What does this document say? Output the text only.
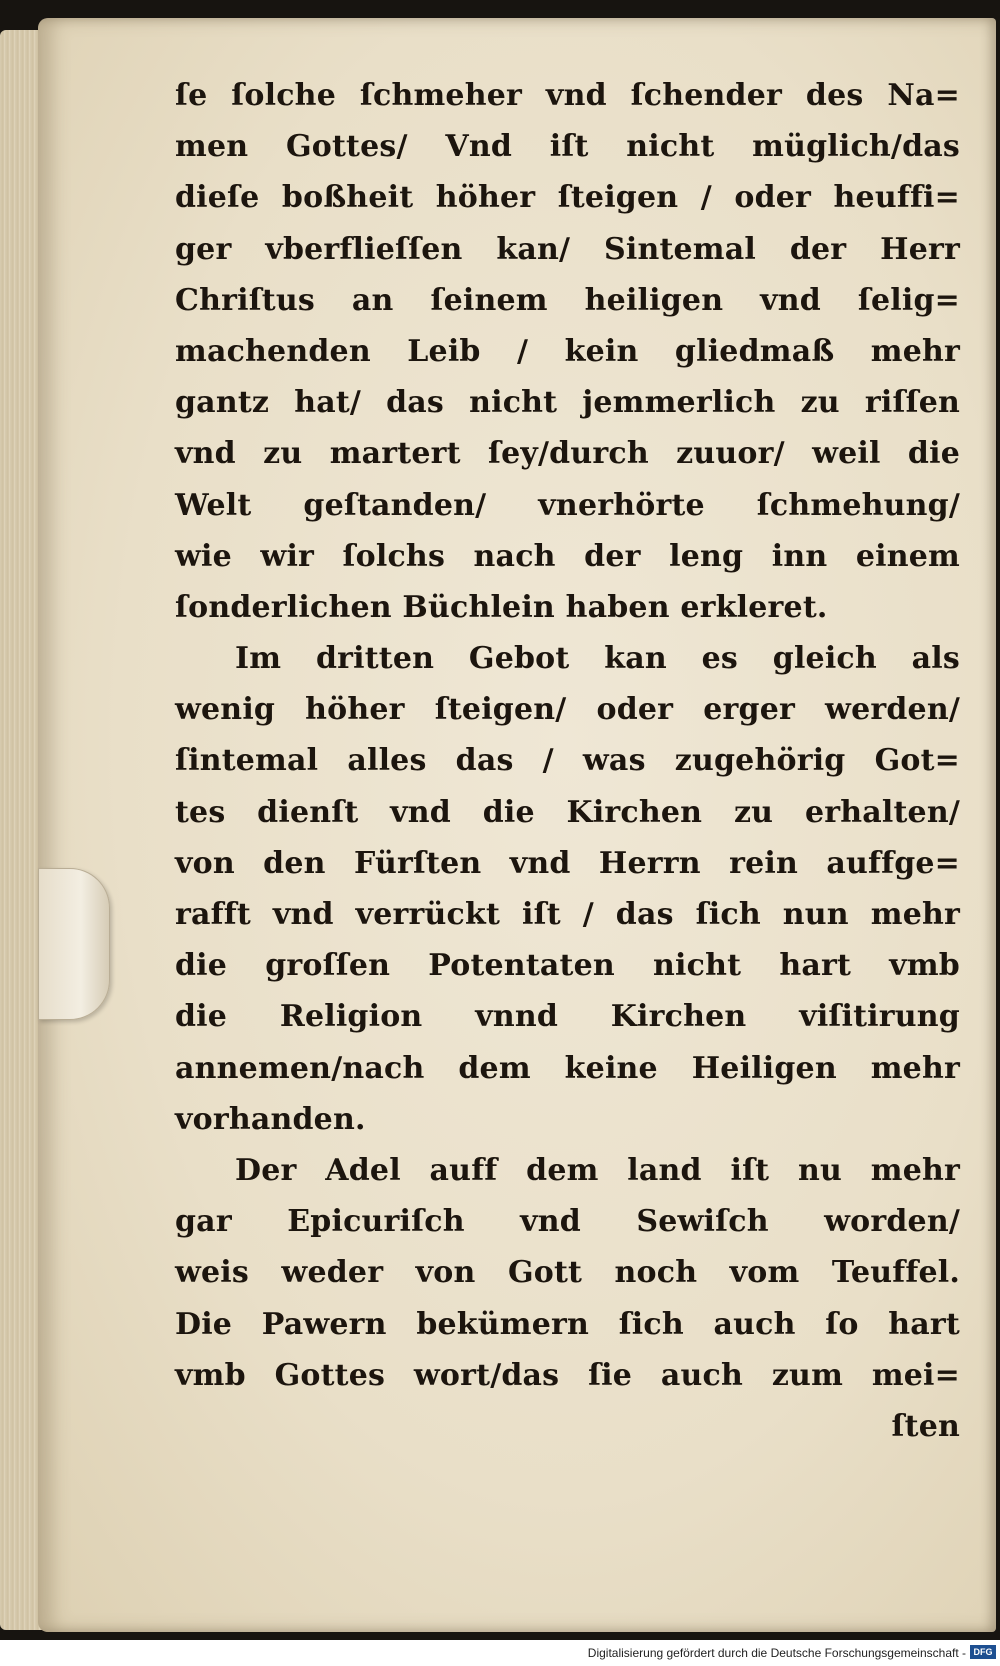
ſe ſolche ſchmeher vnd ſchender des Na=
men Gottes/ Vnd iſt nicht müglich/das
dieſe boßheit höher ſteigen / oder heuffi=
ger vberflieſſen kan/ Sintemal der Herr
Chriſtus an ſeinem heiligen vnd ſelig=
machenden Leib / kein gliedmaß mehr
gantz hat/ das nicht jemmerlich zu riſſen
vnd zu martert ſey/durch zuuor/ weil die
Welt geſtanden/ vnerhörte ſchmehung/
wie wir ſolchs nach der leng inn einem
ſonderlichen Büchlein haben erkleret.
Im dritten Gebot kan es gleich als
wenig höher ſteigen/ oder erger werden/
ſintemal alles das / was zugehörig Got=
tes dienſt vnd die Kirchen zu erhalten/
von den Fürſten vnd Herrn rein auffge=
rafft vnd verrückt iſt / das ſich nun mehr
die groſſen Potentaten nicht hart vmb
die Religion vnnd Kirchen viſitirung
annemen/nach dem keine Heiligen mehr
vorhanden.
Der Adel auff dem land iſt nu mehr
gar Epicuriſch vnd Sewiſch worden/
weis weder von Gott noch vom Teuffel.
Die Pawern bekümern ſich auch ſo hart
vmb Gottes wort/das ſie auch zum mei=
ſten
Digitalisierung gefördert durch die Deutsche Forschungsgemeinschaft - DFG
